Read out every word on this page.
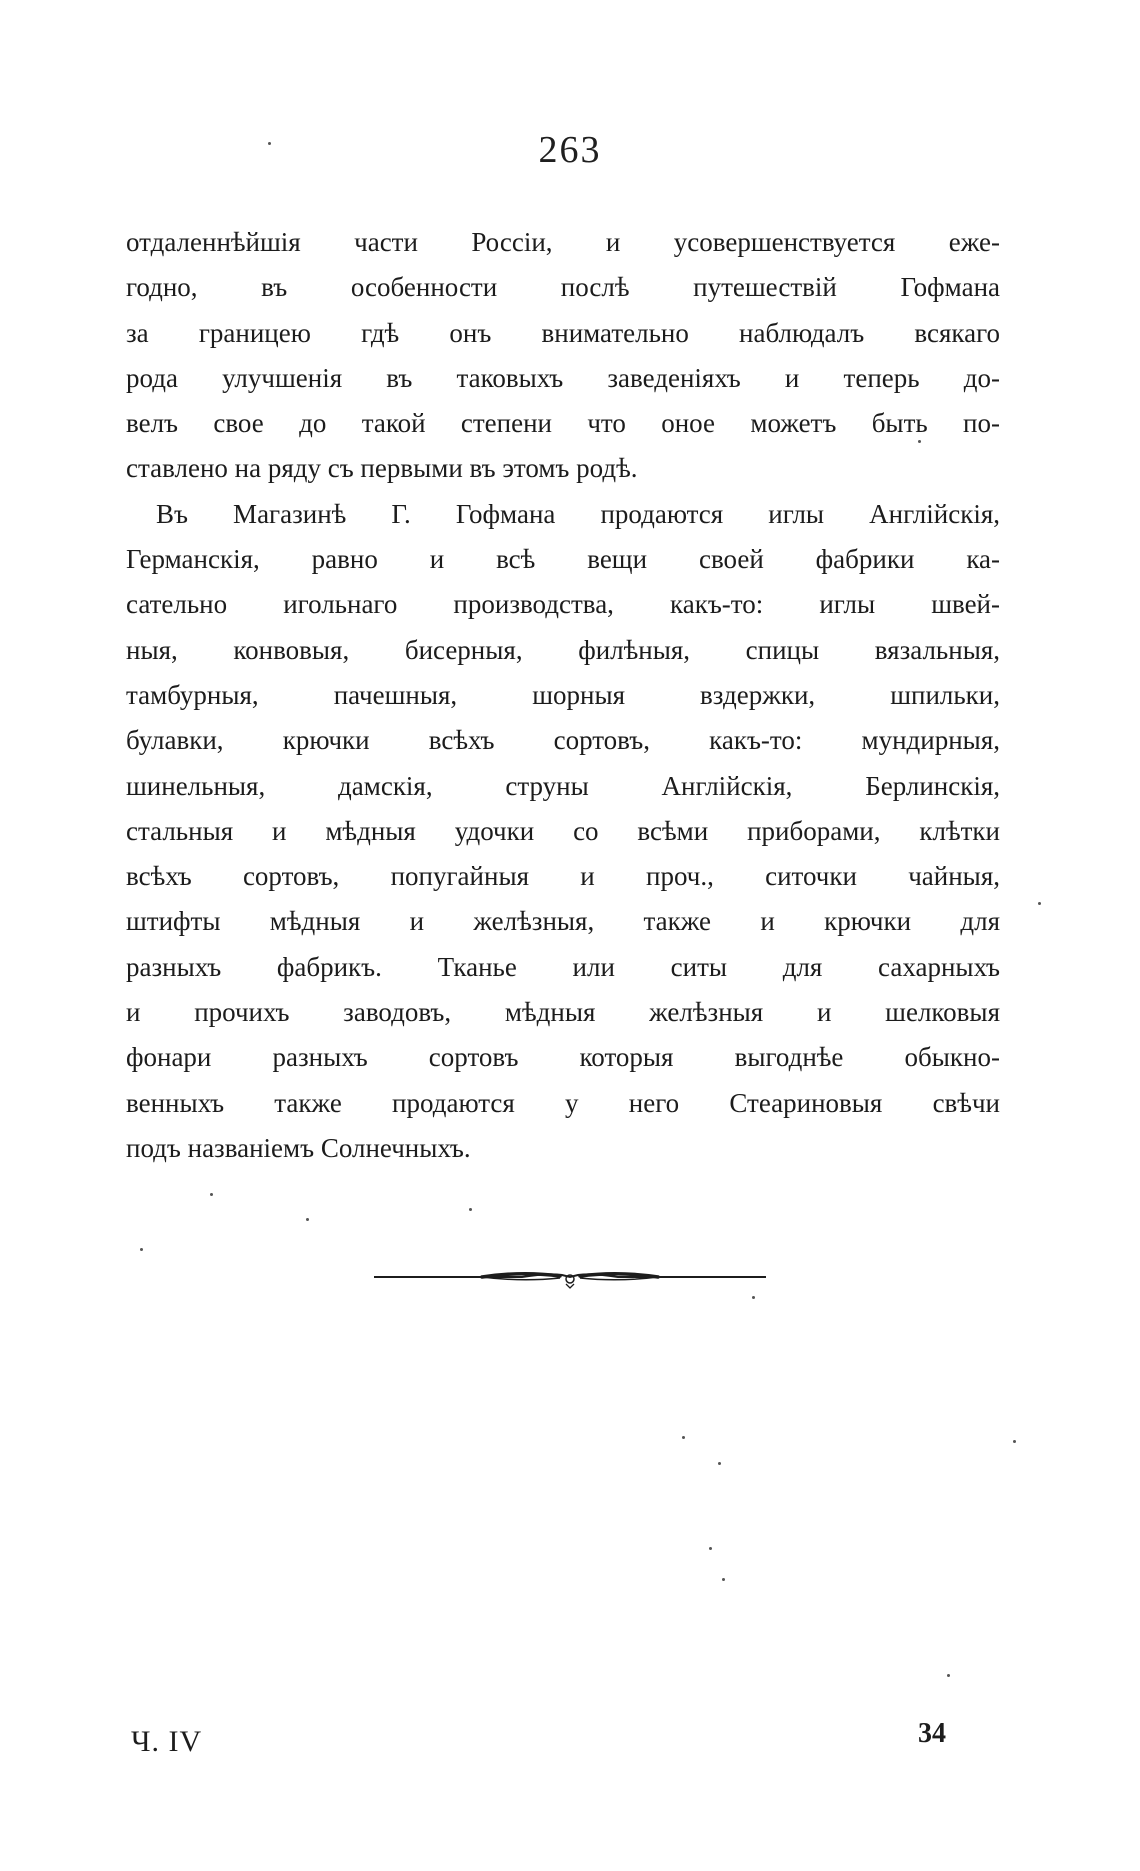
263
отдаленнѣйшія части Россіи, и усовершенствуется еже-
годно, въ особенности послѣ путешествій Гофмана
за границею гдѣ онъ внимательно наблюдалъ всякаго
рода улучшенія въ таковыхъ заведеніяхъ и теперь до-
велъ свое до такой степени что оное можетъ быть по-
ставлено на ряду съ первыми въ этомъ родѣ.
Въ Магазинѣ Г. Гофмана продаются иглы Англійскія,
Германскія, равно и всѣ вещи своей фабрики ка-
сательно игольнаго производства, какъ-то: иглы швей-
ныя, конвовыя, бисерныя, филѣныя, спицы вязальныя,
тамбурныя, пачешныя, шорныя вздержки, шпильки,
булавки, крючки всѣхъ сортовъ, какъ-то: мундирныя,
шинельныя, дамскія, струны Англійскія, Берлинскія,
стальныя и мѣдныя удочки со всѣми приборами, клѣтки
всѣхъ сортовъ, попугайныя и проч., ситочки чайныя,
штифты мѣдныя и желѣзныя, также и крючки для
разныхъ фабрикъ. Тканье или ситы для сахарныхъ
и прочихъ заводовъ, мѣдныя желѣзныя и шелковыя
фонари разныхъ сортовъ которыя выгоднѣе обыкно-
венныхъ также продаются у него Стеариновыя свѣчи
подъ названіемъ Солнечныхъ.
Ч. IV	34
